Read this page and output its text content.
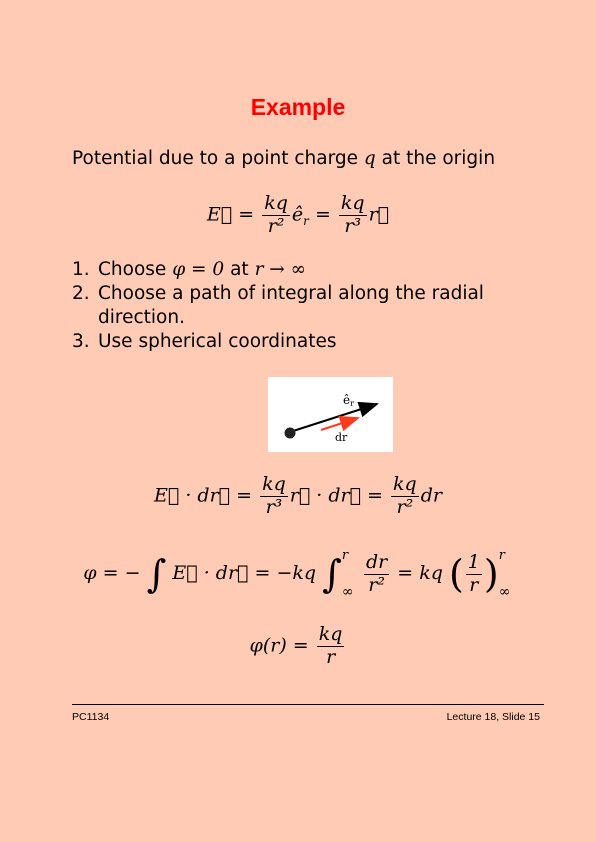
Example
Potential due to a point charge q at the origin
E⃗ = $\frac{kq}{\text{r²}}$ $ê_r = \frac{kq}{\text{r³}}$ r⃗
1. Choose φ = 0 at r → ∞
2. Choose a path of integral along the radial direction.
3. Use spherical coordinates
êr
dr
E⃗ · dr⃗ = $\frac{kq}{\text{r³}}$ r⃗ · dr⃗ = $\frac{kq}{\text{r²}}$ dr
φ = − ∫ E⃗ · dr⃗ = −kq ∫ r
∞
$\frac{dr}{\text{r²}}$ = kq ( $\frac{1}{r}$ ) r
∞
$\varphi(r) = \frac{kq}{r}$
PC1134	Lecture 18, Slide 15
